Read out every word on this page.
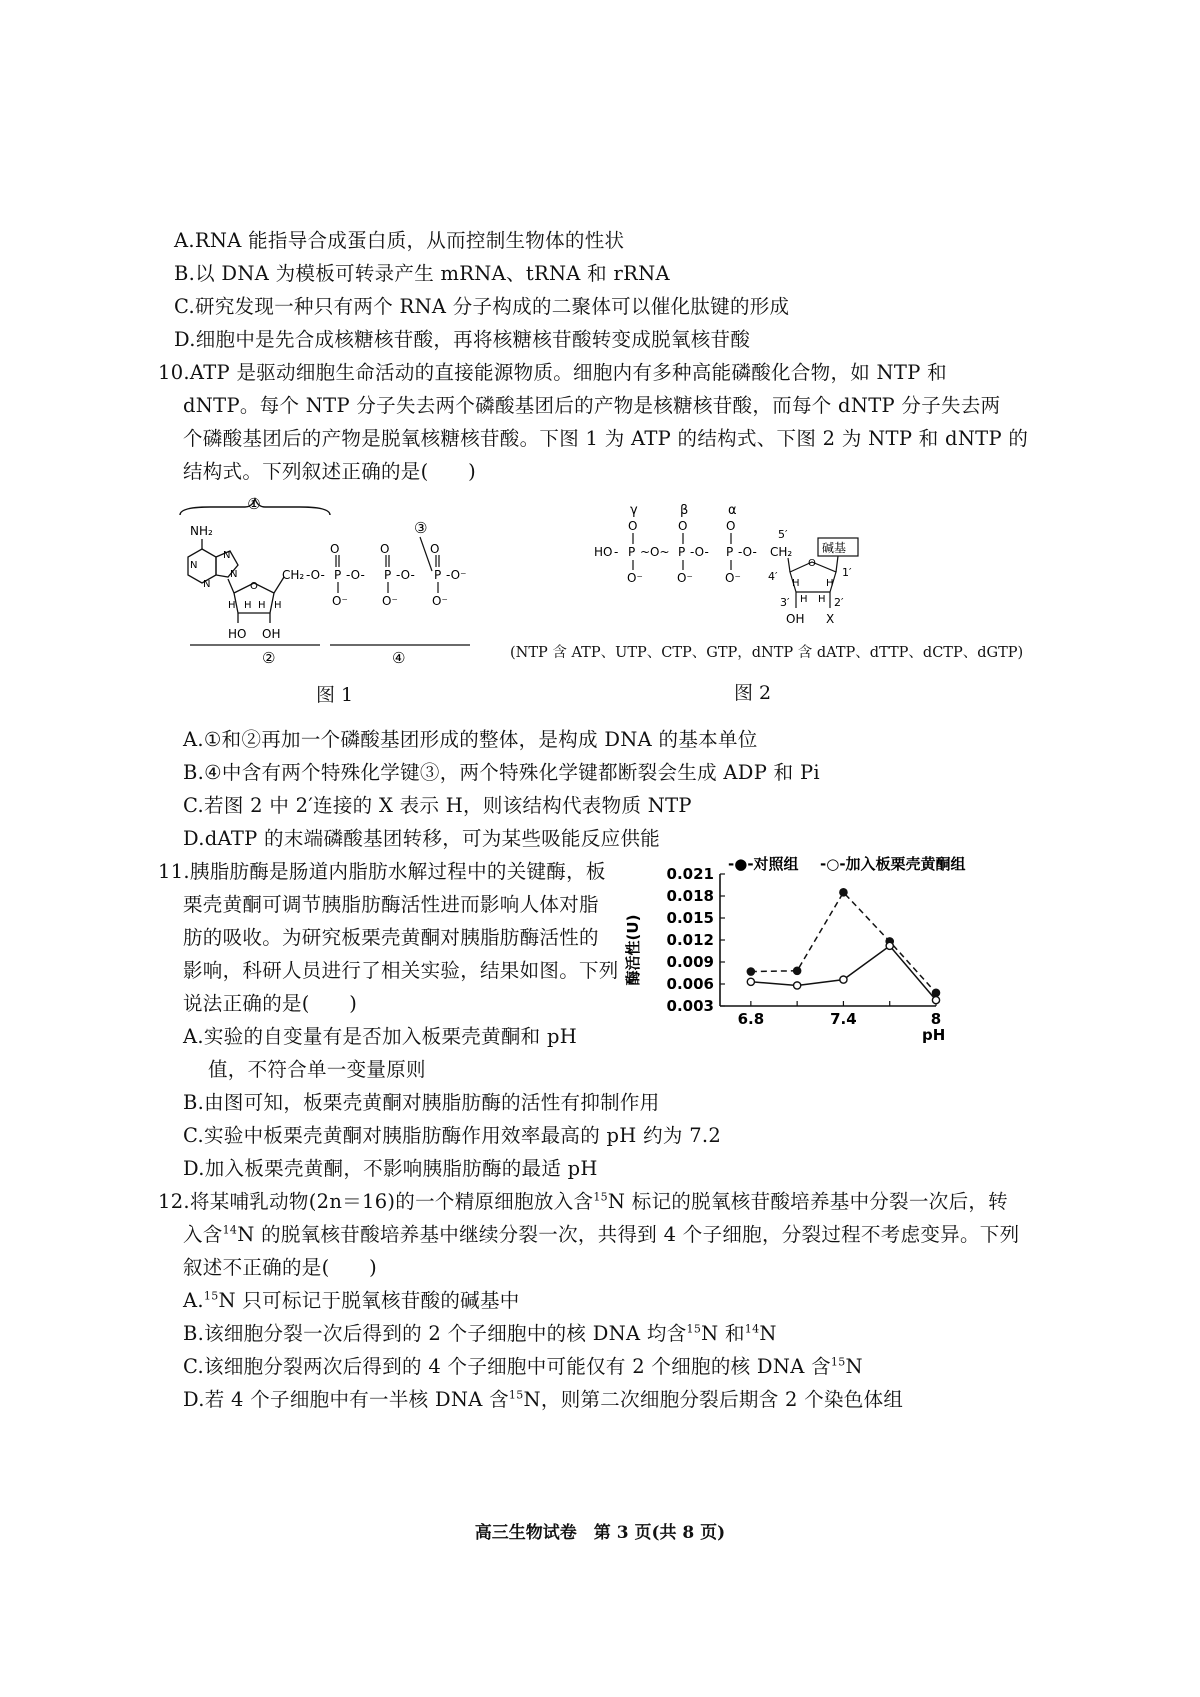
A.RNA 能指导合成蛋白质，从而控制生物体的性状
B.以 DNA 为模板可转录产生 mRNA、tRNA 和 rRNA
C.研究发现一种只有两个 RNA 分子构成的二聚体可以催化肽键的形成
D.细胞中是先合成核糖核苷酸，再将核糖核苷酸转变成脱氧核苷酸
10.ATP 是驱动细胞生命活动的直接能源物质。细胞内有多种高能磷酸化合物，如 NTP 和
dNTP。每个 NTP 分子失去两个磷酸基团后的产物是核糖核苷酸，而每个 dNTP 分子失去两
个磷酸基团后的产物是脱氧核糖核苷酸。下图 1 为 ATP 的结构式、下图 2 为 NTP 和 dNTP 的
结构式。下列叙述正确的是(　　)
①
NH₂
N
N
N
N
O
H H H H
HO OH
CH₂ -O- P
O
O⁻
-O- P
O
O⁻
-O- P
O
O⁻
-O⁻
③
②	④
图 1
γ	β	α
O	O	O
HO - P ~O~ P -O- P -O- CH₂
O⁻	O⁻	O⁻
5′
O
碱基
4′	1′
H	H
H H
3′	2′
OH X
(NTP 含 ATP、UTP、CTP、GTP，dNTP 含 dATP、dTTP、dCTP、dGTP)
图 2
A.①和②再加一个磷酸基团形成的整体，是构成 DNA 的基本单位
B.④中含有两个特殊化学键③，两个特殊化学键都断裂会生成 ADP 和 Pi
C.若图 2 中 2′连接的 X 表示 H，则该结构代表物质 NTP
D.dATP 的末端磷酸基团转移，可为某些吸能反应供能
11.胰脂肪酶是肠道内脂肪水解过程中的关键酶，板
栗壳黄酮可调节胰脂肪酶活性进而影响人体对脂
肪的吸收。为研究板栗壳黄酮对胰脂肪酶活性的
影响，科研人员进行了相关实验，结果如图。下列
说法正确的是(　　)
-●-对照组 -○-加入板栗壳黄酮组
酶活性(U)
0.003
0.006
0.009
0.012
0.015
0.018
0.021
6.8	7.4	8
pH
A.实验的自变量有是否加入板栗壳黄酮和 pH
值，不符合单一变量原则
B.由图可知，板栗壳黄酮对胰脂肪酶的活性有抑制作用
C.实验中板栗壳黄酮对胰脂肪酶作用效率最高的 pH 约为 7.2
D.加入板栗壳黄酮，不影响胰脂肪酶的最适 pH
12.将某哺乳动物(2n＝16)的一个精原细胞放入含$^{15}$N 标记的脱氧核苷酸培养基中分裂一次后，转
入含$^{14}$N 的脱氧核苷酸培养基中继续分裂一次，共得到 4 个子细胞，分裂过程不考虑变异。下列
叙述不正确的是(　　)
A.$^{15}$N 只可标记于脱氧核苷酸的碱基中
B.该细胞分裂一次后得到的 2 个子细胞中的核 DNA 均含$^{15}$N 和$^{14}$N
C.该细胞分裂两次后得到的 4 个子细胞中可能仅有 2 个细胞的核 DNA 含$^{15}$N
D.若 4 个子细胞中有一半核 DNA 含$^{15}$N，则第二次细胞分裂后期含 2 个染色体组
高三生物试卷　第 3 页(共 8 页)
